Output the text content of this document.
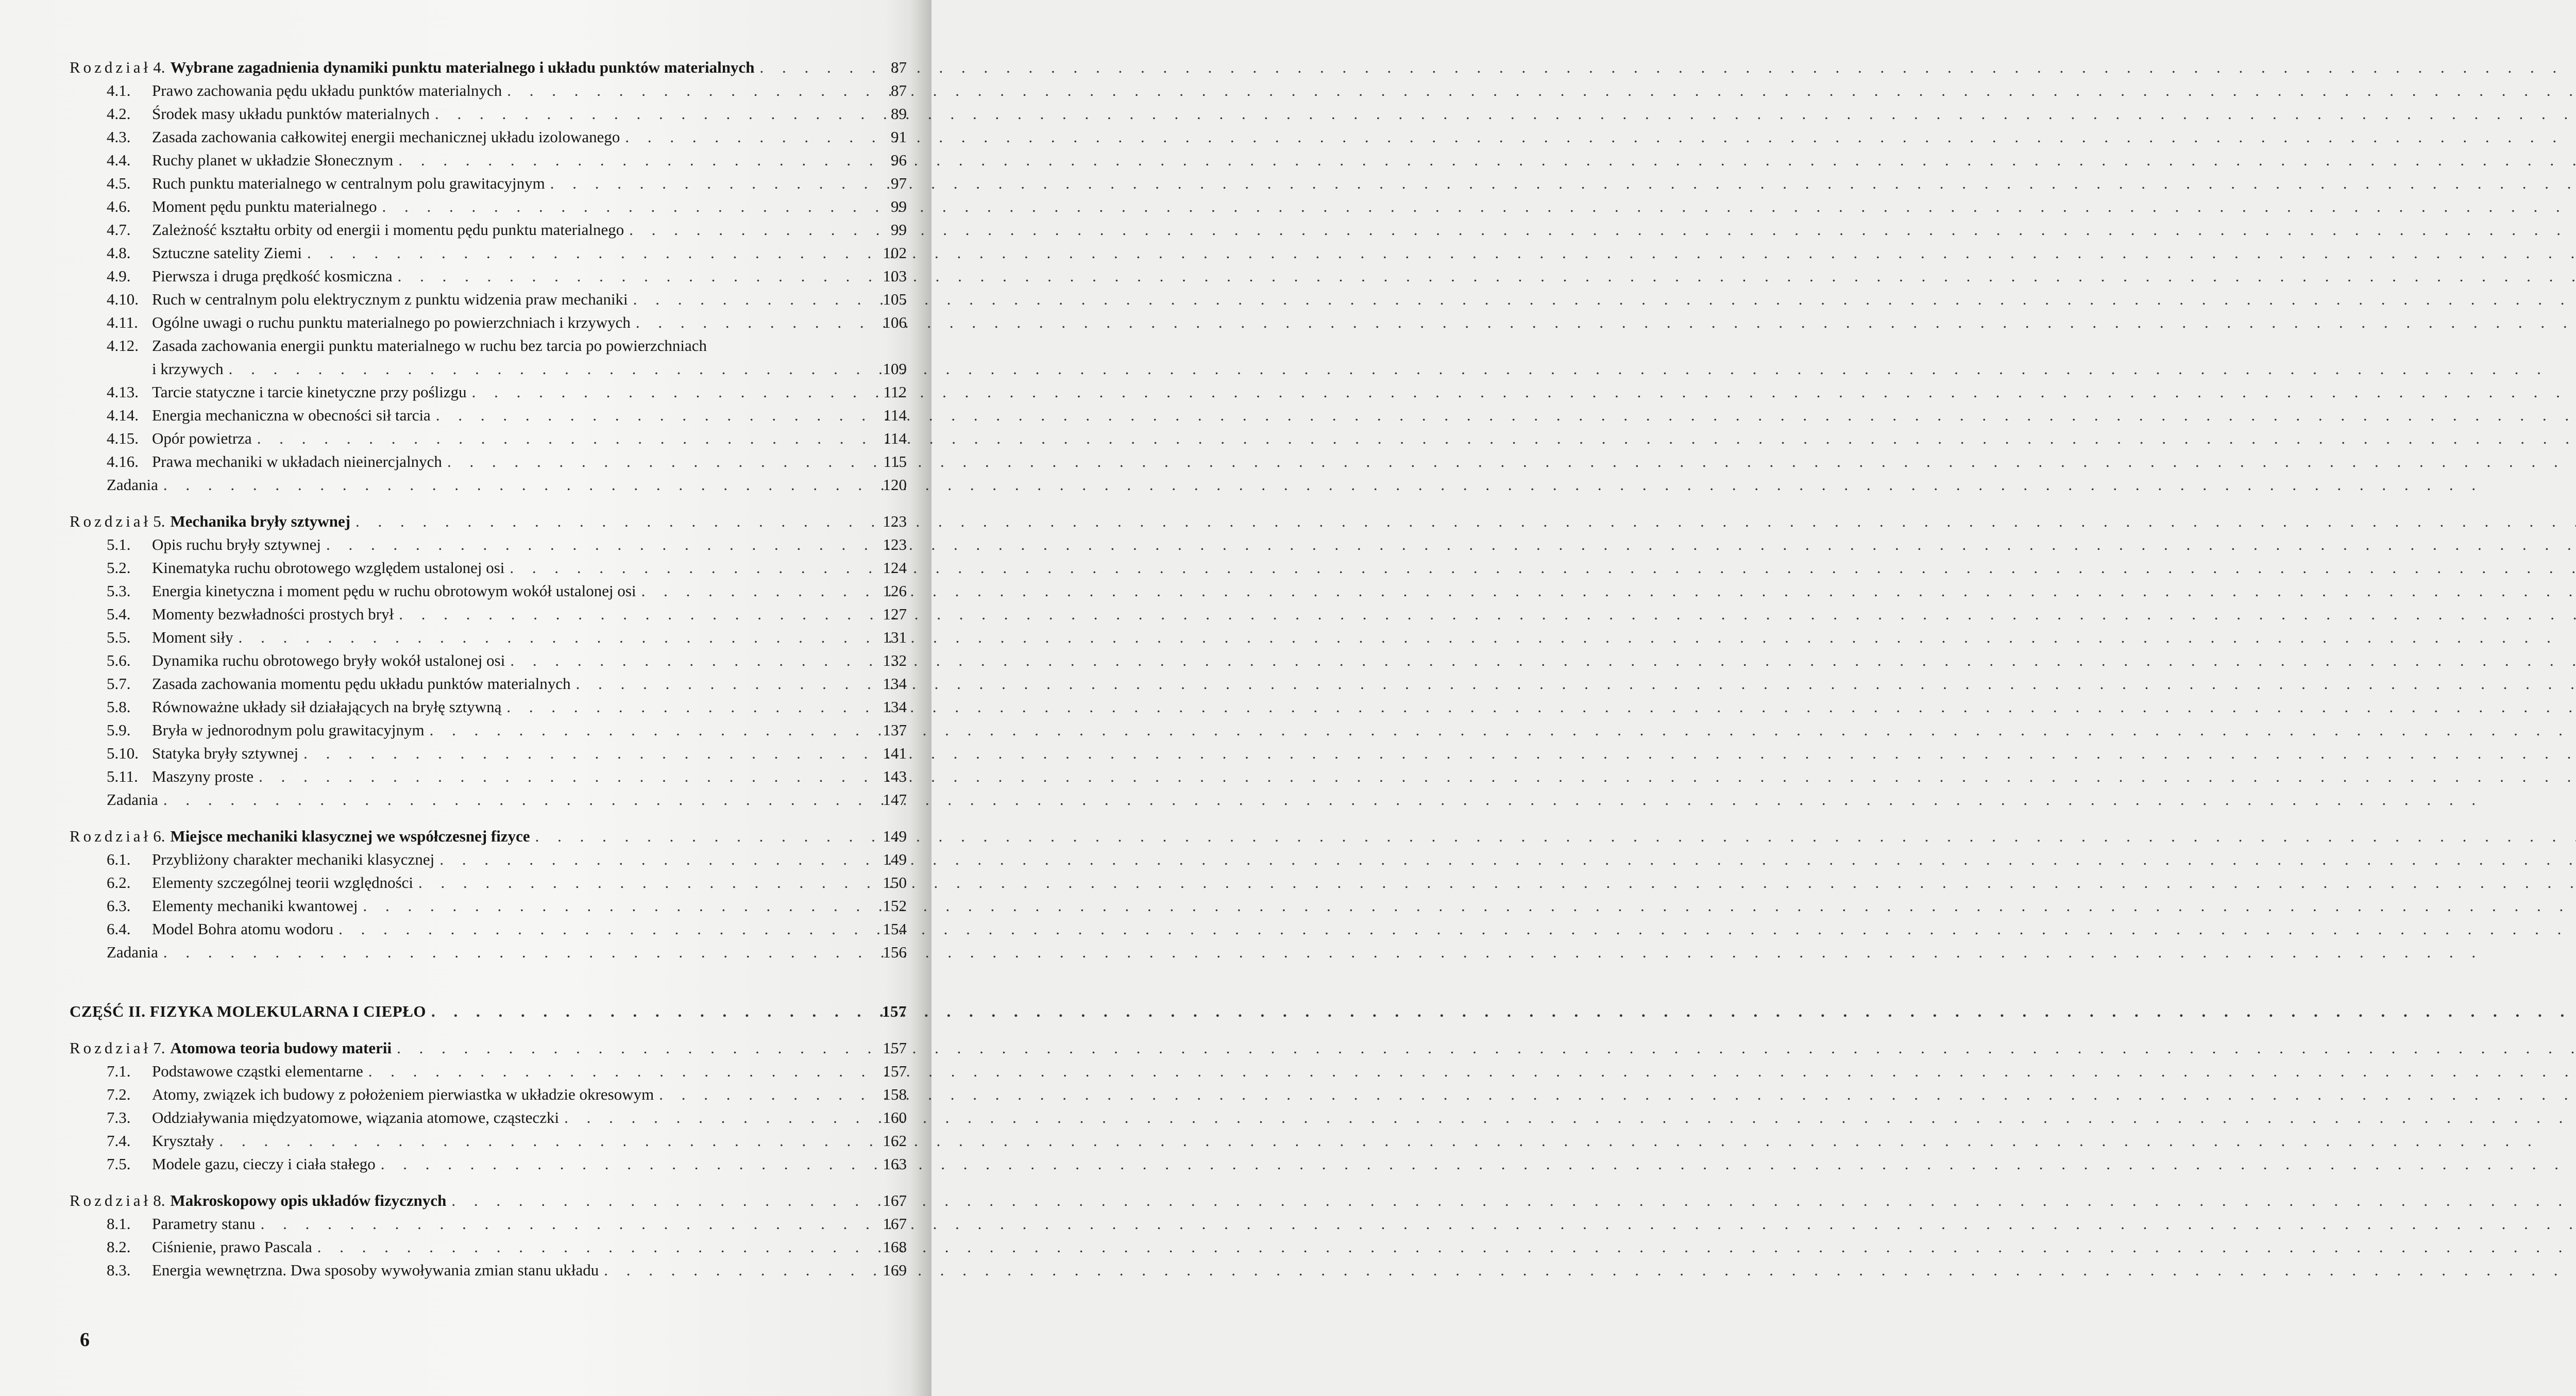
Rozdział 4. Wybrane zagadnienia dynamiki punktu materialnego i układu punktów materialnych . . .	87
4.1.	Prawo zachowania pędu układu punktów materialnych . . .	87
4.2.	Środek masy układu punktów materialnych . . .	89
4.3.	Zasada zachowania całkowitej energii mechanicznej układu izolowanego . . .	91
4.4.	Ruchy planet w układzie Słonecznym . . .	96
4.5.	Ruch punktu materialnego w centralnym polu grawitacyjnym . . .	97
4.6.	Moment pędu punktu materialnego . . .	99
4.7.	Zależność kształtu orbity od energii i momentu pędu punktu materialnego . . .	99
4.8.	Sztuczne satelity Ziemi . . .	102
4.9.	Pierwsza i druga prędkość kosmiczna . . .	103
4.10. Ruch w centralnym polu elektrycznym z punktu widzenia praw mechaniki . . .	105
4.11. Ogólne uwagi o ruchu punktu materialnego po powierzchniach i krzywych . . .	106
4.12. Zasada zachowania energii punktu materialnego w ruchu bez tarcia po powierzchniach
i krzywych . . .	109
4.13. Tarcie statyczne i tarcie kinetyczne przy poślizgu . . .	112
4.14. Energia mechaniczna w obecności sił tarcia . . .	114
4.15. Opór powietrza . . .	114
4.16. Prawa mechaniki w układach nieinercjalnych . . .	115
Zadania . . .	120
Rozdział 5. Mechanika bryły sztywnej . . .	123
5.1.	Opis ruchu bryły sztywnej . . .	123
5.2.	Kinematyka ruchu obrotowego względem ustalonej osi . . .	124
5.3.	Energia kinetyczna i moment pędu w ruchu obrotowym wokół ustalonej osi . . .	126
5.4.	Momenty bezwładności prostych brył . . .	127
5.5.	Moment siły . . .	131
5.6.	Dynamika ruchu obrotowego bryły wokół ustalonej osi . . .	132
5.7.	Zasada zachowania momentu pędu układu punktów materialnych . . .	134
5.8.	Równoważne układy sił działających na bryłę sztywną . . .	134
5.9.	Bryła w jednorodnym polu grawitacyjnym . . .	137
5.10. Statyka bryły sztywnej . . .	141
5.11. Maszyny proste . . .	143
Zadania . . .	147
Rozdział 6. Miejsce mechaniki klasycznej we współczesnej fizyce . . .	149
6.1.	Przybliżony charakter mechaniki klasycznej . . .	149
6.2.	Elementy szczególnej teorii względności . . .	150
6.3.	Elementy mechaniki kwantowej . . .	152
6.4.	Model Bohra atomu wodoru . . .	154
Zadania . . .	156
CZĘŚĆ II. FIZYKA MOLEKULARNA I CIEPŁO . . .	157
Rozdział 7. Atomowa teoria budowy materii . . .	157
7.1.	Podstawowe cząstki elementarne . . .	157
7.2.	Atomy, związek ich budowy z położeniem pierwiastka w układzie okresowym . . .	158
7.3.	Oddziaływania międzyatomowe, wiązania atomowe, cząsteczki . . .	160
7.4.	Kryształy . . .	162
7.5.	Modele gazu, cieczy i ciała stałego . . .	163
Rozdział 8. Makroskopowy opis układów fizycznych . . .	167
8.1.	Parametry stanu . . .	167
8.2.	Ciśnienie, prawo Pascala . . .	168
8.3.	Energia wewnętrzna. Dwa sposoby wywoływania zmian stanu układu . . .	169
6
